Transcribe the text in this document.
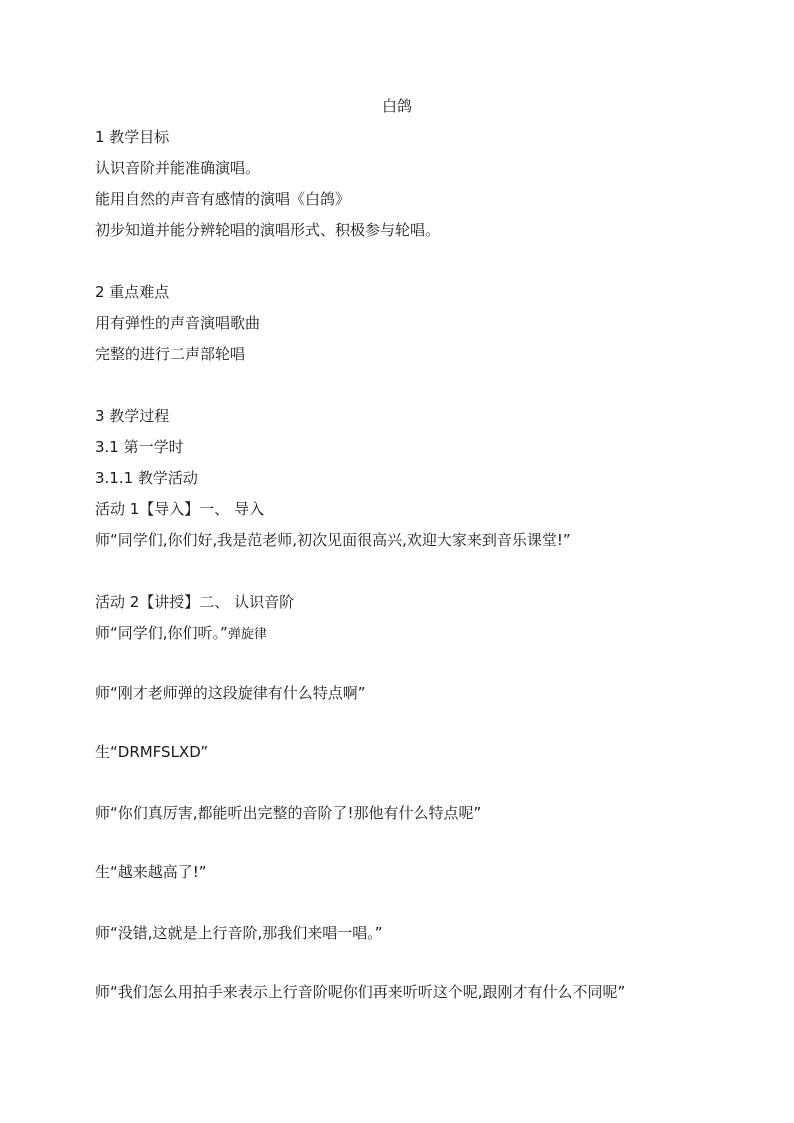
白鸽
1 教学目标
认识音阶并能准确演唱。
能用自然的声音有感情的演唱《白鸽》
初步知道并能分辨轮唱的演唱形式、积极参与轮唱。
2 重点难点
用有弹性的声音演唱歌曲
完整的进行二声部轮唱
3 教学过程
3.1 第一学时
3.1.1 教学活动
活动 1【导入】一、 导入
师“同学们,你们好,我是范老师,初次见面很高兴,欢迎大家来到音乐课堂!”
活动 2【讲授】二、 认识音阶
师“同学们,你们听。”弹旋律
师“刚才老师弹的这段旋律有什么特点啊”
生“DRMFSLXD”
师“你们真厉害,都能听出完整的音阶了!那他有什么特点呢”
生“越来越高了!”
师“没错,这就是上行音阶,那我们来唱一唱。”
师“我们怎么用拍手来表示上行音阶呢你们再来听听这个呢,跟刚才有什么不同呢”
